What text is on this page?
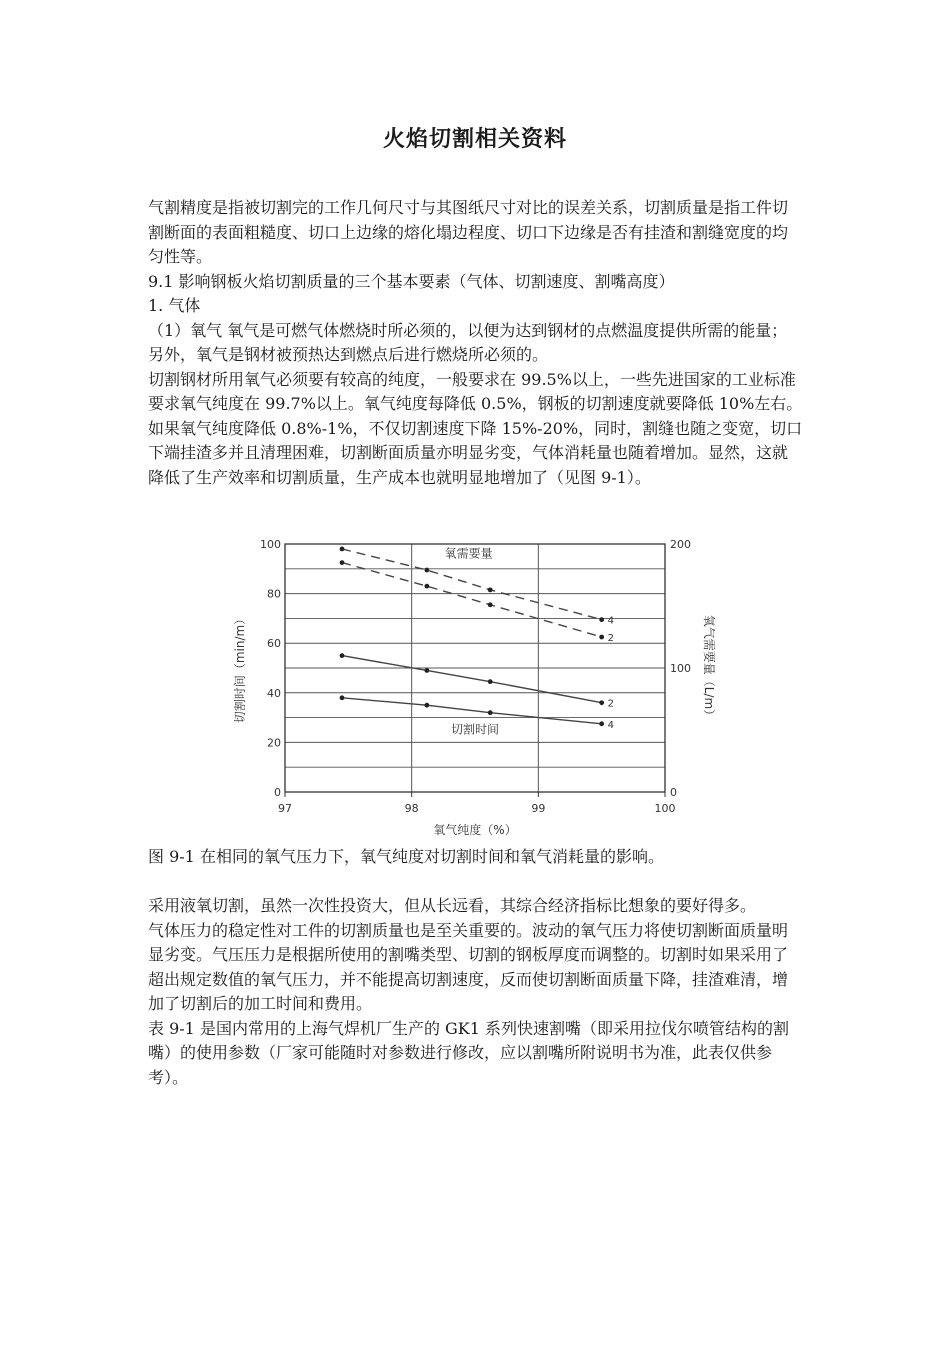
火焰切割相关资料

气割精度是指被切割完的工作几何尺寸与其图纸尺寸对比的误差关系，切割质量是指工件切割断面的表面粗糙度、切口上边缘的熔化塌边程度、切口下边缘是否有挂渣和割缝宽度的均匀性等。

9.1 影响钢板火焰切割质量的三个基本要素（气体、切割速度、割嘴高度）

1. 气体

（1）氧气 氧气是可燃气体燃烧时所必须的，以便为达到钢材的点燃温度提供所需的能量；另外，氧气是钢材被预热达到燃点后进行燃烧所必须的。

切割钢材所用氧气必须要有较高的纯度，一般要求在 99.5%以上，一些先进国家的工业标准要求氧气纯度在 99.7%以上。氧气纯度每降低 0.5%，钢板的切割速度就要降低 10%左右。如果氧气纯度降低 0.8%-1%，不仅切割速度下降 15%-20%，同时，割缝也随之变宽，切口下端挂渣多并且清理困难，切割断面质量亦明显劣变，气体消耗量也随着增加。显然，这就降低了生产效率和切割质量，生产成本也就明显地增加了（见图 9-1）。

97	98	99	100
0
20
40
60
80
100
0
100
200
氧气纯度（%）
切割时间（min/m）	氧气需要量（L/m）
4
2
2
4
氧需要量
切割时间

图 9-1 在相同的氧气压力下，氧气纯度对切割时间和氧气消耗量的影响。

采用液氧切割，虽然一次性投资大，但从长远看，其综合经济指标比想象的要好得多。

气体压力的稳定性对工件的切割质量也是至关重要的。波动的氧气压力将使切割断面质量明显劣变。气压压力是根据所使用的割嘴类型、切割的钢板厚度而调整的。切割时如果采用了超出规定数值的氧气压力，并不能提高切割速度，反而使切割断面质量下降，挂渣难清，增加了切割后的加工时间和费用。

表 9-1 是国内常用的上海气焊机厂生产的 GK1 系列快速割嘴（即采用拉伐尔喷管结构的割嘴）的使用参数（厂家可能随时对参数进行修改，应以割嘴所附说明书为准，此表仅供参考）。
